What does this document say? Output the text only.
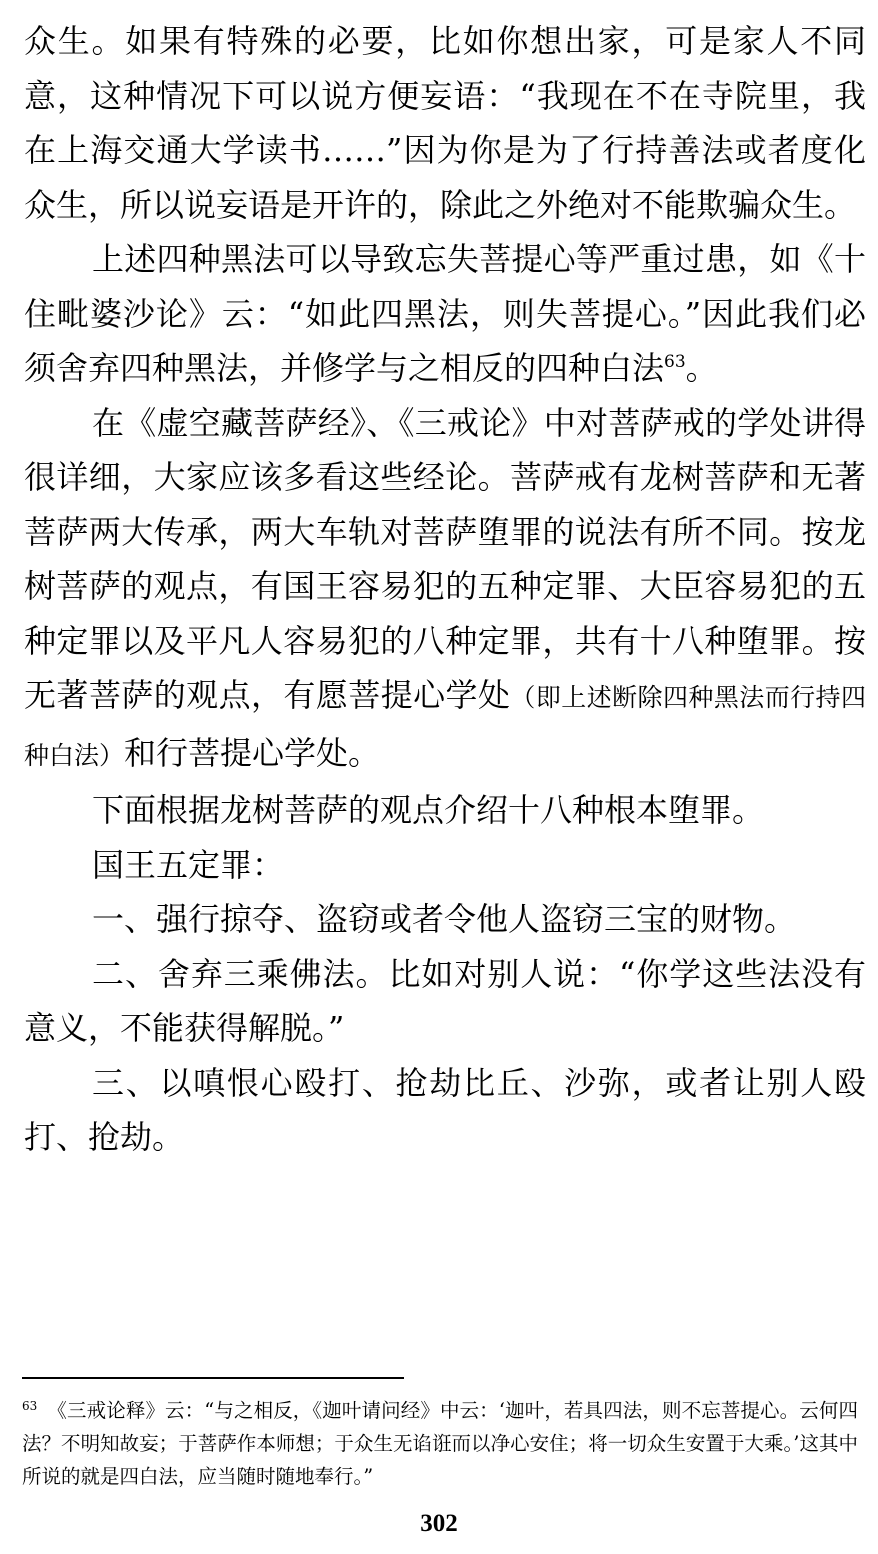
众生。如果有特殊的必要，比如你想出家，可是家人不同意，这种情况下可以说方便妄语：“我现在不在寺院里，我在上海交通大学读书……”因为你是为了行持善法或者度化众生，所以说妄语是开许的，除此之外绝对不能欺骗众生。

上述四种黑法可以导致忘失菩提心等严重过患，如《十住毗婆沙论》云：“如此四黑法，则失菩提心。”因此我们必须舍弃四种黑法，并修学与之相反的四种白法$^{63}$。

在《虚空藏菩萨经》、《三戒论》中对菩萨戒的学处讲得很详细，大家应该多看这些经论。菩萨戒有龙树菩萨和无著菩萨两大传承，两大车轨对菩萨堕罪的说法有所不同。按龙树菩萨的观点，有国王容易犯的五种定罪、大臣容易犯的五种定罪以及平凡人容易犯的八种定罪，共有十八种堕罪。按无著菩萨的观点，有愿菩提心学处（即上述断除四种黑法而行持四种白法）和行菩提心学处。

下面根据龙树菩萨的观点介绍十八种根本堕罪。

国王五定罪：

一、强行掠夺、盗窃或者令他人盗窃三宝的财物。

二、舍弃三乘佛法。比如对别人说：“你学这些法没有意义，不能获得解脱。”

三、以嗔恨心殴打、抢劫比丘、沙弥，或者让别人殴打、抢劫。

$^{63}$ 《三戒论释》云：“与之相反，《迦叶请问经》中云：‘迦叶，若具四法，则不忘菩提心。云何四法？不明知故妄；于菩萨作本师想；于众生无谄诳而以净心安住；将一切众生安置于大乘。’这其中所说的就是四白法，应当随时随地奉行。”
302
